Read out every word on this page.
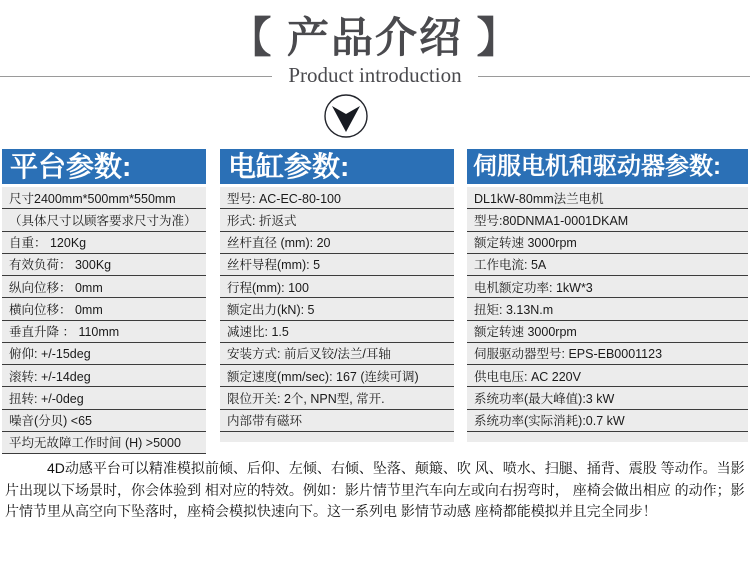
【 产品介绍 】
Product introduction
平台参数:
尺寸2400mm*500mm*550mm
（具体尺寸以顾客要求尺寸为准）
自重： 120Kg
有效负荷： 300Kg
纵向位移： 0mm
横向位移： 0mm
垂直升降 ： 110mm
俯仰: +/-15deg
滚转: +/-14deg
扭转: +/-0deg
噪音(分贝) <65
平均无故障工作时间 (H) >5000
电缸参数:
型号: AC-EC-80-100
形式: 折返式
丝杆直径 (mm): 20
丝杆导程(mm): 5
行程(mm): 100
额定出力(kN): 5
减速比: 1.5
安装方式: 前后叉铰/法兰/耳轴
额定速度(mm/sec): 167 (连续可调)
限位开关: 2个, NPN型, 常开.
内部带有磁环
伺服电机和驱动器参数:
DL1kW-80mm法兰电机
型号:80DNMA1-0001DKAM
额定转速 3000rpm
工作电流: 5A
电机额定功率: 1kW*3
扭矩: 3.13N.m
额定转速 3000rpm
伺服驱动器型号: EPS-EB0001123
供电电压: AC 220V
系统功率(最大峰值):3 kW
系统功率(实际消耗):0.7 kW

4D动感平台可以精准模拟前倾、后仰、左倾、右倾、坠落、颠簸、吹 风、喷水、扫腿、捅背、震股 等动作。当影片出现以下场景时，你会体验到 相对应的特效。例如：影片情节里汽车向左或向右拐弯时， 座椅会做出相应 的动作；影片情节里从高空向下坠落时，座椅会模拟快速向下。这一系列电 影情节动感 座椅都能模拟并且完全同步！
